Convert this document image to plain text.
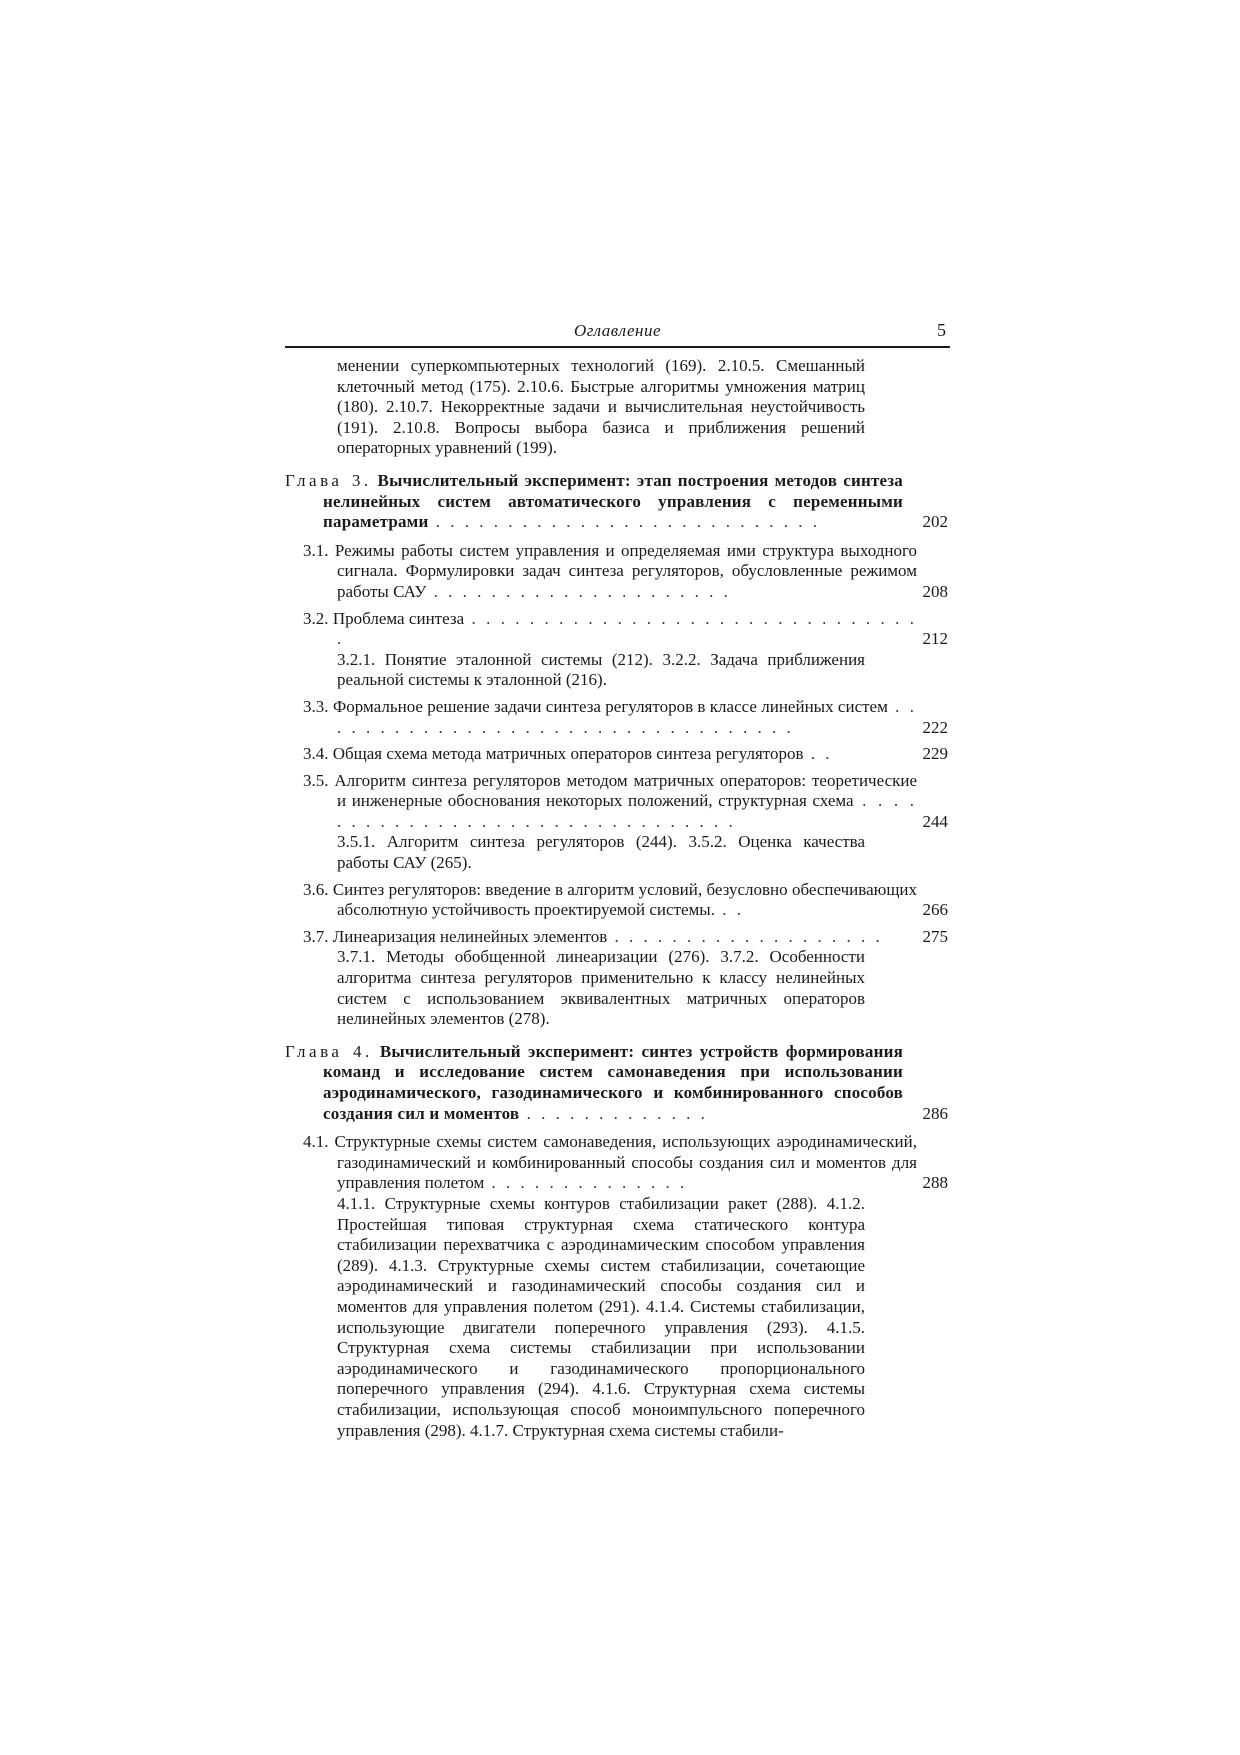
Оглавление	5
менении суперкомпьютерных технологий (169). 2.10.5. Смешанный клеточный метод (175). 2.10.6. Быстрые алгоритмы умножения матриц (180). 2.10.7. Некорректные задачи и вычислительная неустойчивость (191). 2.10.8. Вопросы выбора базиса и приближения решений операторных уравнений (199).
Глава 3. Вычислительный эксперимент: этап построения методов синтеза нелинейных систем автоматического управления с переменными параметрами . . . . . . . . . . . . . . . . . . . . . . . . . . .	202
3.1. Режимы работы систем управления и определяемая ими структура выходного сигнала. Формулировки задач синтеза регуляторов, обусловленные режимом работы САУ . . . . . . . . . . . . . . . . . . . . .	208
3.2. Проблема синтеза . . . . . . . . . . . . . . . . . . . . . . . . . . . . . . . .	212
3.2.1. Понятие эталонной системы (212). 3.2.2. Задача приближения реальной системы к эталонной (216).
3.3. Формальное решение задачи синтеза регуляторов в классе линейных систем . . . . . . . . . . . . . . . . . . . . . . . . . . . . . . . . . .	222
3.4. Общая схема метода матричных операторов синтеза регуляторов . .	229
3.5. Алгоритм синтеза регуляторов методом матричных операторов: теоретические и инженерные обоснования некоторых положений, структурная схема . . . . . . . . . . . . . . . . . . . . . . . . . . . . . . . .	244
3.5.1. Алгоритм синтеза регуляторов (244). 3.5.2. Оценка качества работы САУ (265).
3.6. Синтез регуляторов: введение в алгоритм условий, безусловно обеспечивающих абсолютную устойчивость проектируемой системы. . .	266
3.7. Линеаризация нелинейных элементов . . . . . . . . . . . . . . . . . . .	275
3.7.1. Методы обобщенной линеаризации (276). 3.7.2. Особенности алгоритма синтеза регуляторов применительно к классу нелинейных систем с использованием эквивалентных матричных операторов нелинейных элементов (278).
Глава 4. Вычислительный эксперимент: синтез устройств формирования команд и исследование систем самонаведения при использовании аэродинамического, газодинамического и комбинированного способов создания сил и моментов . . . . . . . . . . . . .	286
4.1. Структурные схемы систем самонаведения, использующих аэродинамический, газодинамический и комбинированный способы создания сил и моментов для управления полетом . . . . . . . . . . . . . .	288
4.1.1. Структурные схемы контуров стабилизации ракет (288). 4.1.2. Простейшая типовая структурная схема статического контура стабилизации перехватчика с аэродинамическим способом управления (289). 4.1.3. Структурные схемы систем стабилизации, сочетающие аэродинамический и газодинамический способы создания сил и моментов для управления полетом (291). 4.1.4. Системы стабилизации, использующие двигатели поперечного управления (293). 4.1.5. Структурная схема системы стабилизации при использовании аэродинамического и газодинамического пропорционального поперечного управления (294). 4.1.6. Структурная схема системы стабилизации, использующая способ моноимпульсного поперечного управления (298). 4.1.7. Структурная схема системы стабили-
